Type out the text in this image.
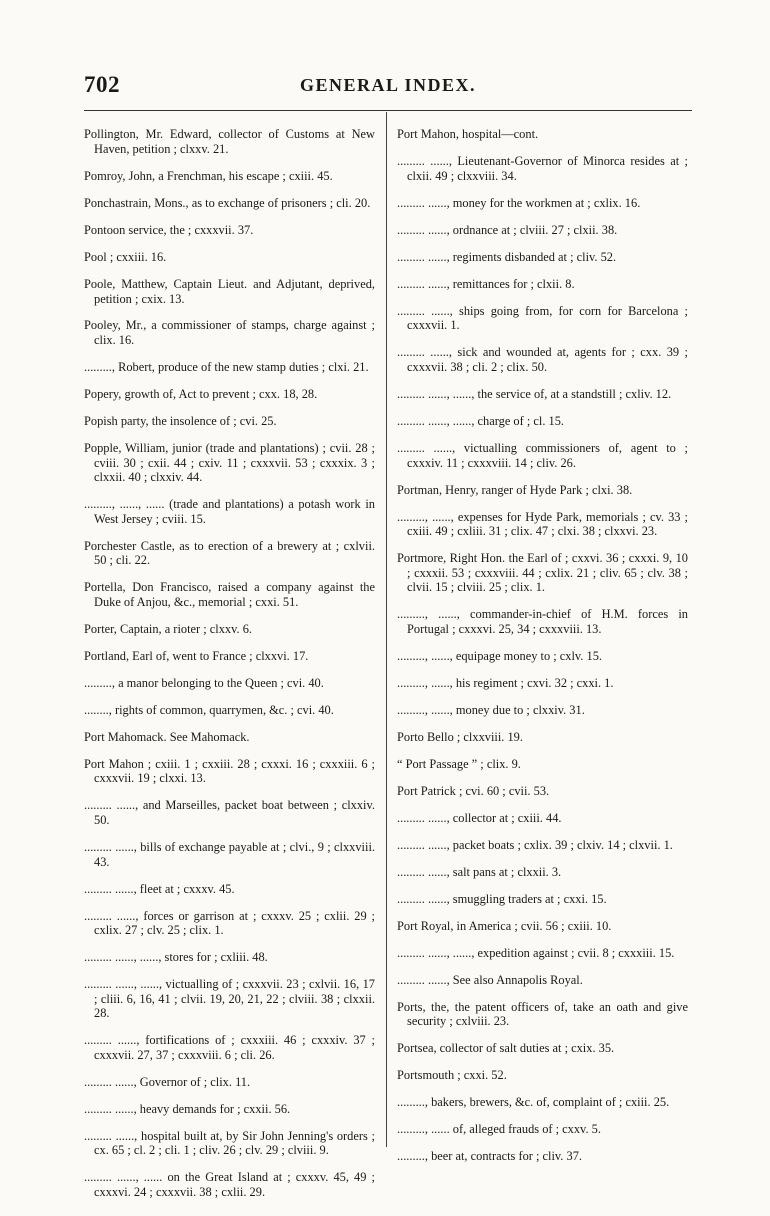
702	GENERAL INDEX.

Pollington, Mr. Edward, collector of Customs at New Haven, petition ; clxxv. 21.

Pomroy, John, a Frenchman, his escape ; cxiii. 45.

Ponchastrain, Mons., as to exchange of prisoners ; cli. 20.

Pontoon service, the ; cxxxvii. 37.

Pool ; cxxiii. 16.

Poole, Matthew, Captain Lieut. and Adjutant, deprived, petition ; cxix. 13.

Pooley, Mr., a commissioner of stamps, charge against ; clix. 16.

........., Robert, produce of the new stamp duties ; clxi. 21.

Popery, growth of, Act to prevent ; cxx. 18, 28.

Popish party, the insolence of ; cvi. 25.

Popple, William, junior (trade and plantations) ; cvii. 28 ; cviii. 30 ; cxii. 44 ; cxiv. 11 ; cxxxvii. 53 ; cxxxix. 3 ; clxxii. 40 ; clxxiv. 44.

........., ......, ...... (trade and plantations) a potash work in West Jersey ; cviii. 15.

Porchester Castle, as to erection of a brewery at ; cxlvii. 50 ; cli. 22.

Portella, Don Francisco, raised a company against the Duke of Anjou, &c., memorial ; cxxi. 51.

Porter, Captain, a rioter ; clxxv. 6.

Portland, Earl of, went to France ; clxxvi. 17.

........., a manor belonging to the Queen ; cvi. 40.

........, rights of common, quarrymen, &c. ; cvi. 40.

Port Mahomack. See Mahomack.

Port Mahon ; cxiii. 1 ; cxxiii. 28 ; cxxxi. 16 ; cxxxiii. 6 ; cxxxvii. 19 ; clxxi. 13.

......... ......, and Marseilles, packet boat between ; clxxiv. 50.

......... ......, bills of exchange payable at ; clvi., 9 ; clxxviii. 43.

......... ......, fleet at ; cxxxv. 45.

......... ......, forces or garrison at ; cxxxv. 25 ; cxlii. 29 ; cxlix. 27 ; clv. 25 ; clix. 1.

......... ......, ......, stores for ; cxliii. 48.

......... ......, ......, victualling of ; cxxxvii. 23 ; cxlvii. 16, 17 ; cliii. 6, 16, 41 ; clvii. 19, 20, 21, 22 ; clviii. 38 ; clxxii. 28.

......... ......, fortifications of ; cxxxiii. 46 ; cxxxiv. 37 ; cxxxvii. 27, 37 ; cxxxviii. 6 ; cli. 26.

......... ......, Governor of ; clix. 11.

......... ......, heavy demands for ; cxxii. 56.

......... ......, hospital built at, by Sir John Jenning's orders ; cx. 65 ; cl. 2 ; cli. 1 ; cliv. 26 ; clv. 29 ; clviii. 9.

......... ......, ...... on the Great Island at ; cxxxv. 45, 49 ; cxxxvi. 24 ; cxxxvii. 38 ; cxlii. 29.

Port Mahon, hospital—cont.

......... ......, Lieutenant-Governor of Minorca resides at ; clxii. 49 ; clxxviii. 34.

......... ......, money for the workmen at ; cxlix. 16.

......... ......, ordnance at ; clviii. 27 ; clxii. 38.

......... ......, regiments disbanded at ; cliv. 52.

......... ......, remittances for ; clxii. 8.

......... ......, ships going from, for corn for Barcelona ; cxxxvii. 1.

......... ......, sick and wounded at, agents for ; cxx. 39 ; cxxxvii. 38 ; cli. 2 ; clix. 50.

......... ......, ......, the service of, at a standstill ; cxliv. 12.

......... ......, ......, charge of ; cl. 15.

......... ......, victualling commissioners of, agent to ; cxxxiv. 11 ; cxxxviii. 14 ; cliv. 26.

Portman, Henry, ranger of Hyde Park ; clxi. 38.

........., ......, expenses for Hyde Park, memorials ; cv. 33 ; cxiii. 49 ; cxliii. 31 ; clix. 47 ; clxi. 38 ; clxxvi. 23.

Portmore, Right Hon. the Earl of ; cxxvi. 36 ; cxxxi. 9, 10 ; cxxxii. 53 ; cxxxviii. 44 ; cxlix. 21 ; cliv. 65 ; clv. 38 ; clvii. 15 ; clviii. 25 ; clix. 1.

........., ......, commander-in-chief of H.M. forces in Portugal ; cxxxvi. 25, 34 ; cxxxviii. 13.

........., ......, equipage money to ; cxlv. 15.

........., ......, his regiment ; cxvi. 32 ; cxxi. 1.

........., ......, money due to ; clxxiv. 31.

Porto Bello ; clxxviii. 19.

“ Port Passage ” ; clix. 9.

Port Patrick ; cvi. 60 ; cvii. 53.

......... ......, collector at ; cxiii. 44.

......... ......, packet boats ; cxlix. 39 ; clxiv. 14 ; clxvii. 1.

......... ......, salt pans at ; clxxii. 3.

......... ......, smuggling traders at ; cxxi. 15.

Port Royal, in America ; cvii. 56 ; cxiii. 10.

......... ......, ......, expedition against ; cvii. 8 ; cxxxiii. 15.

......... ......, See also Annapolis Royal.

Ports, the, the patent officers of, take an oath and give security ; cxlviii. 23.

Portsea, collector of salt duties at ; cxix. 35.

Portsmouth ; cxxi. 52.

........., bakers, brewers, &c. of, complaint of ; cxiii. 25.

........., ...... of, alleged frauds of ; cxxv. 5.

........., beer at, contracts for ; cliv. 37.
